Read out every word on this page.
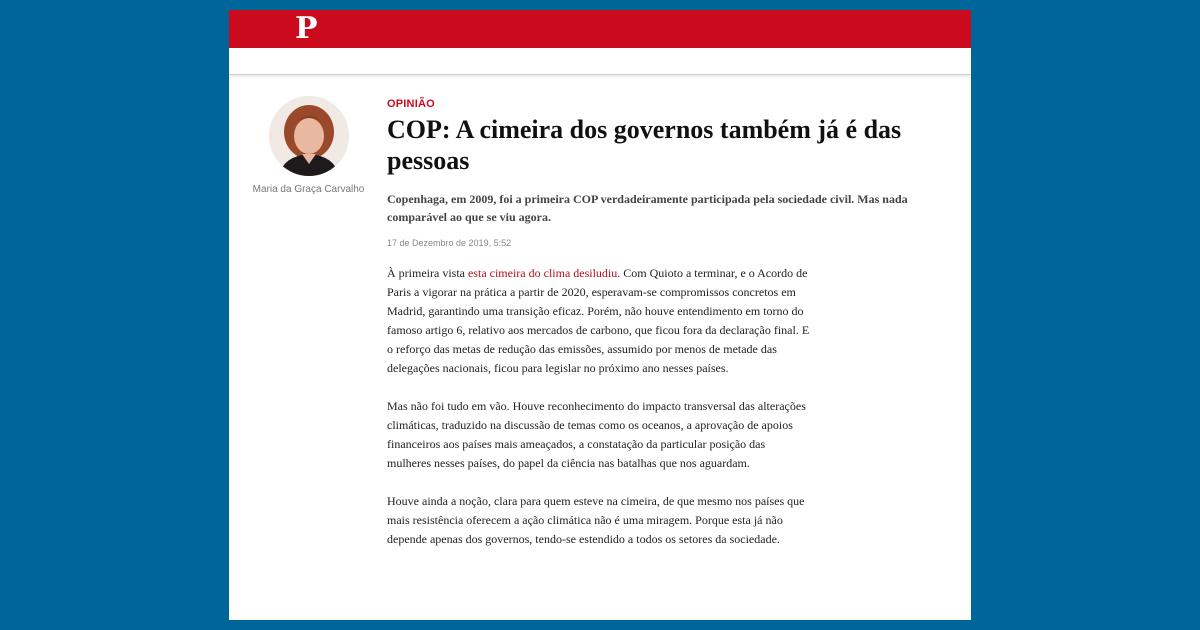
P
Maria da Graça Carvalho
OPINIÃO
COP: A cimeira dos governos também já é das pessoas
Copenhaga, em 2009, foi a primeira COP verdadeiramente participada pela sociedade civil. Mas nada comparável ao que se viu agora.
17 de Dezembro de 2019, 5:52

À primeira vista esta cimeira do clima desiludiu. Com Quioto a terminar, e o Acordo de Paris a vigorar na prática a partir de 2020, esperavam-se compromissos concretos em Madrid, garantindo uma transição eficaz. Porém, não houve entendimento em torno do famoso artigo 6, relativo aos mercados de carbono, que ficou fora da declaração final. E o reforço das metas de redução das emissões, assumido por menos de metade das delegações nacionais, ficou para legislar no próximo ano nesses países.

Mas não foi tudo em vão. Houve reconhecimento do impacto transversal das alterações climáticas, traduzido na discussão de temas como os oceanos, a aprovação de apoios financeiros aos países mais ameaçados, a constatação da particular posição das mulheres nesses países, do papel da ciência nas batalhas que nos aguardam.

Houve ainda a noção, clara para quem esteve na cimeira, de que mesmo nos países que mais resistência oferecem a ação climática não é uma miragem. Porque esta já não depende apenas dos governos, tendo-se estendido a todos os setores da sociedade.
